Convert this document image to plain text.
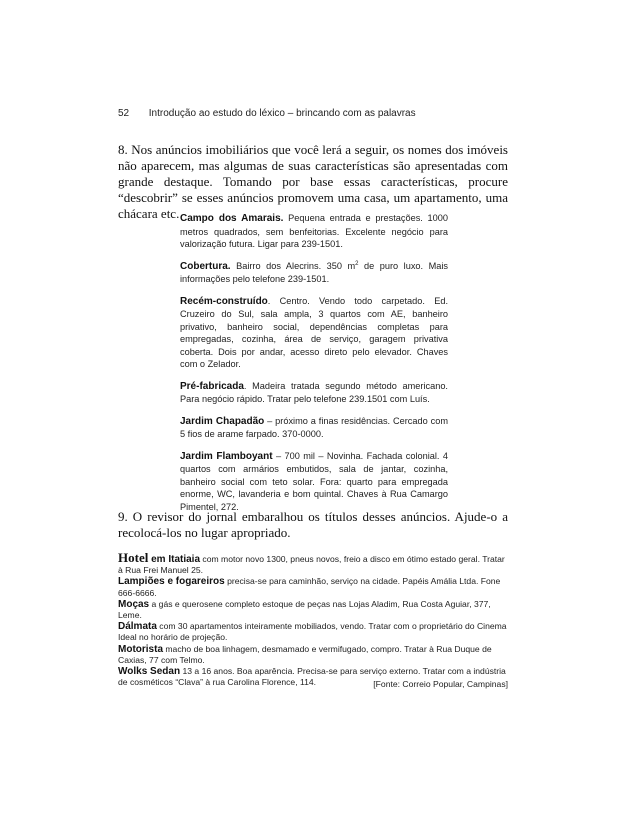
52 Introdução ao estudo do léxico – brincando com as palavras
8. Nos anúncios imobiliários que você lerá a seguir, os nomes dos imóveis não aparecem, mas algumas de suas características são apresentadas com grande destaque. Tomando por base essas características, procure “descobrir” se esses anúncios promovem uma casa, um apartamento, uma chácara etc. Campo dos Amarais. Pequena entrada e prestações. 1000 metros quadrados, sem benfeitorias. Excelente negócio para valorização futura. Ligar para 239-1501.

Cobertura. Bairro dos Alecrins. 350 $m^2$ de puro luxo. Mais informações pelo telefone 239-1501.

Recém-construído. Centro. Vendo todo carpetado. Ed. Cruzeiro do Sul, sala ampla, 3 quartos com AE, banheiro privativo, banheiro social, dependências completas para empregadas, cozinha, área de serviço, garagem privativa coberta. Dois por andar, acesso direto pelo elevador. Chaves com o Zelador.

Pré-fabricada. Madeira tratada segundo método americano. Para negócio rápido. Tratar pelo telefone 239.1501 com Luís.

Jardim Chapadão – próximo a finas residências. Cercado com 5 fios de arame farpado. 370-0000.

Jardim Flamboyant – 700 mil – Novinha. Fachada colonial. 4 quartos com armários embutidos, sala de jantar, cozinha, banheiro social com teto solar. Fora: quarto para empregada enorme, WC, lavanderia e bom quintal. Chaves à Rua Camargo Pimentel, 272.

9. O revisor do jornal embaralhou os títulos desses anúncios. Ajude-o a recolocá-los no lugar apropriado.

Hotel em Itatiaia com motor novo 1300, pneus novos, freio a disco em ótimo estado geral. Tratar à Rua Frei Manuel 25.

Lampiões e fogareiros precisa-se para caminhão, serviço na cidade. Papéis Amália Ltda. Fone 666-6666.

Moças a gás e querosene completo estoque de peças nas Lojas Aladim, Rua Costa Aguiar, 377, Leme.

Dálmata com 30 apartamentos inteiramente mobiliados, vendo. Tratar com o proprietário do Cinema Ideal no horário de projeção.

Motorista macho de boa linhagem, desmamado e vermifugado, compro. Tratar à Rua Duque de Caxias, 77 com Telmo.

Wolks Sedan 13 a 16 anos. Boa aparência. Precisa-se para serviço externo. Tratar com a indústria de cosméticos “Clava” à rua Carolina Florence, 114.	[Fonte: Correio Popular, Campinas]
